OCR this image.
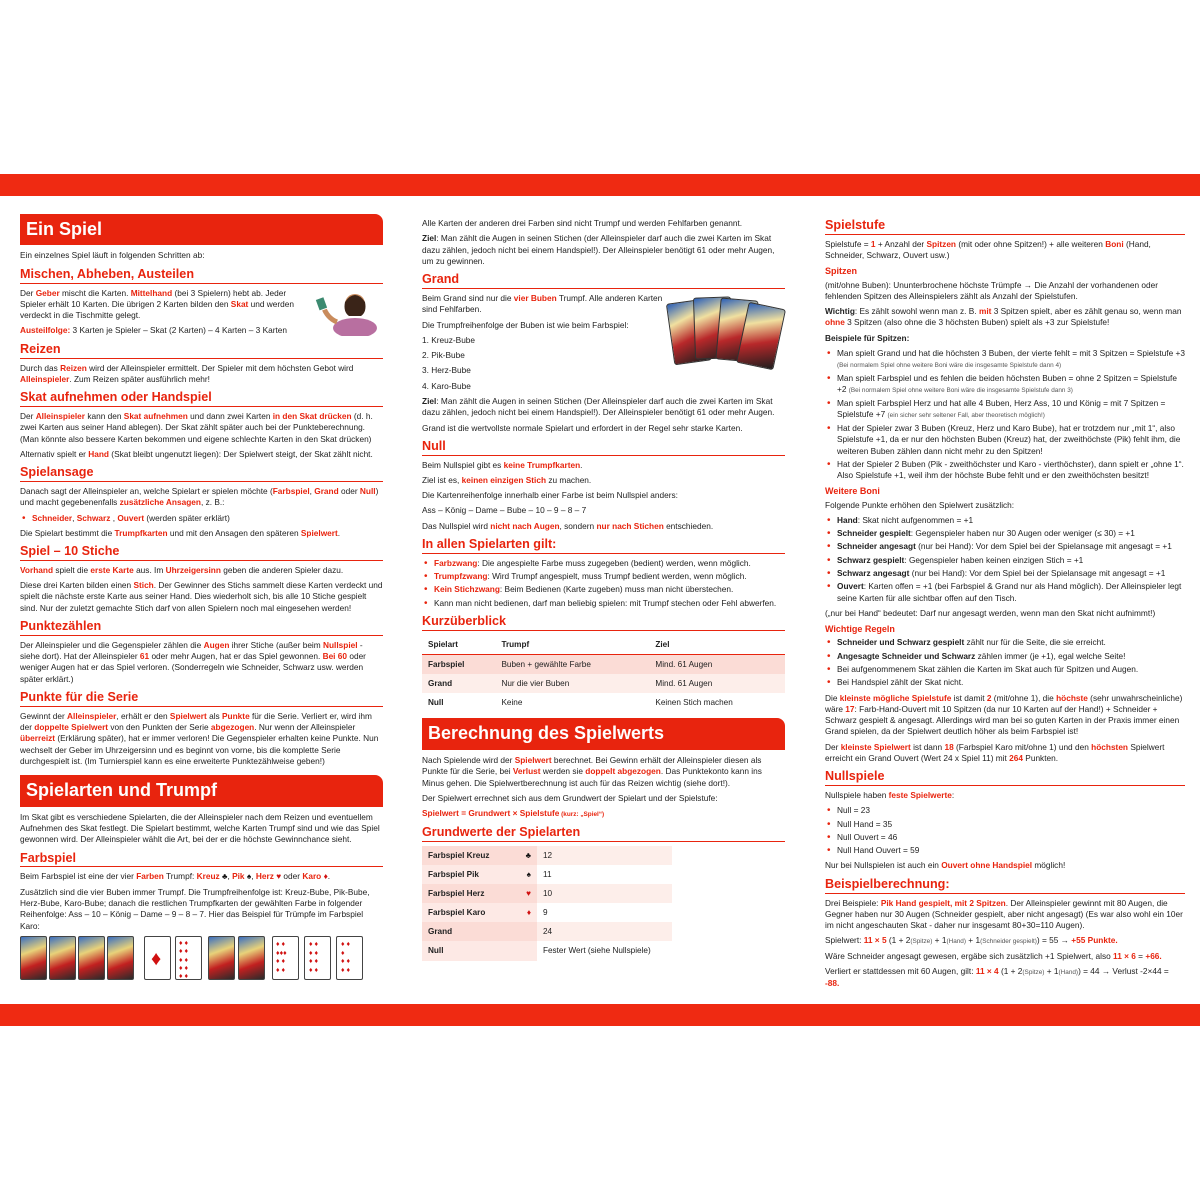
Ein Spiel

Ein einzelnes Spiel läuft in folgenden Schritten ab:

Mischen, Abheben, Austeilen

Der Geber mischt die Karten. Mittelhand (bei 3 Spielern) hebt ab. Jeder Spieler erhält 10 Karten. Die übrigen 2 Karten bilden den Skat und werden verdeckt in die Tischmitte gelegt.

Austeilfolge: 3 Karten je Spieler – Skat (2 Karten) – 4 Karten – 3 Karten

Reizen

Durch das Reizen wird der Alleinspieler ermittelt. Der Spieler mit dem höchsten Gebot wird Alleinspieler. Zum Reizen später ausführlich mehr!

Skat aufnehmen oder Handspiel

Der Alleinspieler kann den Skat aufnehmen und dann zwei Karten in den Skat drücken (d. h. zwei Karten aus seiner Hand ablegen). Der Skat zählt später auch bei der Punkteberechnung. (Man könnte also bessere Karten bekommen und eigene schlechte Karten in den Skat drücken)

Alternativ spielt er Hand (Skat bleibt ungenutzt liegen): Der Spielwert steigt, der Skat zählt nicht.

Spielansage

Danach sagt der Alleinspieler an, welche Spielart er spielen möchte (Farbspiel, Grand oder Null) und macht gegebenenfalls zusätzliche Ansagen, z. B.:

• Schneider, Schwarz , Ouvert (werden später erklärt)

Die Spielart bestimmt die Trumpfkarten und mit den Ansagen den späteren Spielwert.

Spiel – 10 Stiche

Vorhand spielt die erste Karte aus. Im Uhrzeigersinn geben die anderen Spieler dazu.

Diese drei Karten bilden einen Stich. Der Gewinner des Stichs sammelt diese Karten verdeckt und spielt die nächste erste Karte aus seiner Hand. Dies wiederholt sich, bis alle 10 Stiche gespielt sind. Nur der zuletzt gemachte Stich darf von allen Spielern noch mal eingesehen werden!

Punktezählen

Der Alleinspieler und die Gegenspieler zählen die Augen ihrer Stiche (außer beim Nullspiel - siehe dort). Hat der Alleinspieler 61 oder mehr Augen, hat er das Spiel gewonnen. Bei 60 oder weniger Augen hat er das Spiel verloren. (Sonderregeln wie Schneider, Schwarz usw. werden später erklärt.)

Punkte für die Serie

Gewinnt der Alleinspieler, erhält er den Spielwert als Punkte für die Serie. Verliert er, wird ihm der doppelte Spielwert von den Punkten der Serie abgezogen. Nur wenn der Alleinspieler überreizt (Erklärung später), hat er immer verloren! Die Gegenspieler erhalten keine Punkte. Nun wechselt der Geber im Uhrzeigersinn und es beginnt von vorne, bis die komplette Serie durchgespielt ist. (Im Turnierspiel kann es eine erweiterte Punktezählweise geben!)

Spielarten und Trumpf

Im Skat gibt es verschiedene Spielarten, die der Alleinspieler nach dem Reizen und eventuellem Aufnehmen des Skat festlegt. Die Spielart bestimmt, welche Karten Trumpf sind und wie das Spiel gewonnen wird. Der Alleinspieler wählt die Art, bei der er die höchste Gewinnchance sieht.

Farbspiel

Beim Farbspiel ist eine der vier Farben Trumpf: Kreuz ♣, Pik ♠, Herz ♥ oder Karo ♦.

Zusätzlich sind die vier Buben immer Trumpf. Die Trumpfreihenfolge ist: Kreuz-Bube, Pik-Bube, Herz-Bube, Karo-Bube; danach die restlichen Trumpfkarten der gewählten Farbe in folgender Reihenfolge: Ass – 10 – König – Dame – 9 – 8 – 7. Hier das Beispiel für Trümpfe im Farbspiel Karo:

♦
♦ ♦
♦ ♦
♦ ♦
♦ ♦
♦ ♦
♦ ♦
♦♦♦
♦ ♦
♦ ♦
♦ ♦
♦ ♦
♦ ♦
♦ ♦
♦ ♦
♦
♦ ♦
♦ ♦

Alle Karten der anderen drei Farben sind nicht Trumpf und werden Fehlfarben genannt.

Ziel: Man zählt die Augen in seinen Stichen (der Alleinspieler darf auch die zwei Karten im Skat dazu zählen, jedoch nicht bei einem Handspiel!). Der Alleinspieler benötigt 61 oder mehr Augen, um zu gewinnen.

Grand

Beim Grand sind nur die vier Buben Trumpf. Alle anderen Karten sind Fehlfarben.

Die Trumpfreihenfolge der Buben ist wie beim Farbspiel:

1. Kreuz-Bube
2. Pik-Bube
3. Herz-Bube
4. Karo-Bube

Ziel: Man zählt die Augen in seinen Stichen (Der Alleinspieler darf auch die zwei Karten im Skat dazu zählen, jedoch nicht bei einem Handspiel!). Der Alleinspieler benötigt 61 oder mehr Augen.

Grand ist die wertvollste normale Spielart und erfordert in der Regel sehr starke Karten.

Null

Beim Nullspiel gibt es keine Trumpfkarten.

Ziel ist es, keinen einzigen Stich zu machen.

Die Kartenreihenfolge innerhalb einer Farbe ist beim Nullspiel anders:

Ass – König – Dame – Bube – 10 – 9 – 8 – 7

Das Nullspiel wird nicht nach Augen, sondern nur nach Stichen entschieden.

In allen Spielarten gilt:
• Farbzwang: Die angespielte Farbe muss zugegeben (bedient) werden, wenn möglich.
• Trumpfzwang: Wird Trumpf angespielt, muss Trumpf bedient werden, wenn möglich.
• Kein Stichzwang: Beim Bedienen (Karte zugeben) muss man nicht überstechen.
• Kann man nicht bedienen, darf man beliebig spielen: mit Trumpf stechen oder Fehl abwerfen.
Kurzüberblick
Spielart	Trumpf	Ziel
Farbspiel	Buben + gewählte Farbe	Mind. 61 Augen
Grand	Nur die vier Buben	Mind. 61 Augen
Null	Keine	Keinen Stich machen
Berechnung des Spielwerts

Nach Spielende wird der Spielwert berechnet. Bei Gewinn erhält der Alleinspieler diesen als Punkte für die Serie, bei Verlust werden sie doppelt abgezogen. Das Punktekonto kann ins Minus gehen. Die Spielwertberechnung ist auch für das Reizen wichtig (siehe dort!).

Der Spielwert errechnet sich aus dem Grundwert der Spielart und der Spielstufe:

Spielwert = Grundwert × Spielstufe (kurz: „Spiel“)

Grundwerte der Spielarten
Farbspiel Kreuz ♣	12
Farbspiel Pik ♠	11
Farbspiel Herz ♥	10
Farbspiel Karo ♦	9
Grand	24
Null	Fester Wert (siehe Nullspiele)
Spielstufe

Spielstufe = 1 + Anzahl der Spitzen (mit oder ohne Spitzen!) + alle weiteren Boni (Hand, Schneider, Schwarz, Ouvert usw.)

Spitzen

(mit/ohne Buben): Ununterbrochene höchste Trümpfe → Die Anzahl der vorhandenen oder fehlenden Spitzen des Alleinspielers zählt als Anzahl der Spielstufen.

Wichtig: Es zählt sowohl wenn man z. B. mit 3 Spitzen spielt, aber es zählt genau so, wenn man ohne 3 Spitzen (also ohne die 3 höchsten Buben) spielt als +3 zur Spielstufe!

Beispiele für Spitzen:

• Man spielt Grand und hat die höchsten 3 Buben, der vierte fehlt = mit 3 Spitzen = Spielstufe +3 (Bei normalem Spiel ohne weitere Boni wäre die insgesamte Spielstufe dann 4)
• Man spielt Farbspiel und es fehlen die beiden höchsten Buben = ohne 2 Spitzen = Spielstufe +2 (Bei normalem Spiel ohne weitere Boni wäre die insgesamte Spielstufe dann 3)
• Man spielt Farbspiel Herz und hat alle 4 Buben, Herz Ass, 10 und König = mit 7 Spitzen = Spielstufe +7 (ein sicher sehr seltener Fall, aber theoretisch möglich!)
• Hat der Spieler zwar 3 Buben (Kreuz, Herz und Karo Bube), hat er trotzdem nur „mit 1“, also Spielstufe +1, da er nur den höchsten Buben (Kreuz) hat, der zweithöchste (Pik) fehlt ihm, die weiteren Buben zählen dann nicht mehr zu den Spitzen!
• Hat der Spieler 2 Buben (Pik - zweithöchster und Karo - vierthöchster), dann spielt er „ohne 1“. Also Spielstufe +1, weil ihm der höchste Bube fehlt und er den zweithöchsten besitzt!
Weitere Boni

Folgende Punkte erhöhen den Spielwert zusätzlich:

• Hand: Skat nicht aufgenommen = +1
• Schneider gespielt: Gegenspieler haben nur 30 Augen oder weniger (≤ 30) = +1
• Schneider angesagt (nur bei Hand): Vor dem Spiel bei der Spielansage mit angesagt = +1
• Schwarz gespielt: Gegenspieler haben keinen einzigen Stich = +1
• Schwarz angesagt (nur bei Hand): Vor dem Spiel bei der Spielansage mit angesagt = +1
• Ouvert: Karten offen = +1 (bei Farbspiel & Grand nur als Hand möglich). Der Alleinspieler legt seine Karten für alle sichtbar offen auf den Tisch.

(„nur bei Hand“ bedeutet: Darf nur angesagt werden, wenn man den Skat nicht aufnimmt!)

Wichtige Regeln
• Schneider und Schwarz gespielt zählt nur für die Seite, die sie erreicht.
• Angesagte Schneider und Schwarz zählen immer (je +1), egal welche Seite!
• Bei aufgenommenem Skat zählen die Karten im Skat auch für Spitzen und Augen.
• Bei Handspiel zählt der Skat nicht.

Die kleinste mögliche Spielstufe ist damit 2 (mit/ohne 1), die höchste (sehr unwahrscheinliche) wäre 17: Farb-Hand-Ouvert mit 10 Spitzen (da nur 10 Karten auf der Hand!) + Schneider + Schwarz gespielt & angesagt. Allerdings wird man bei so guten Karten in der Praxis immer einen Grand spielen, da der Spielwert deutlich höher als beim Farbspiel ist!

Der kleinste Spielwert ist dann 18 (Farbspiel Karo mit/ohne 1) und den höchsten Spielwert erreicht ein Grand Ouvert (Wert 24 x Spiel 11) mit 264 Punkten.

Nullspiele

Nullspiele haben feste Spielwerte:

• Null = 23
• Null Hand = 35
• Null Ouvert = 46
• Null Hand Ouvert = 59

Nur bei Nullspielen ist auch ein Ouvert ohne Handspiel möglich!

Beispielberechnung:

Drei Beispiele: Pik Hand gespielt, mit 2 Spitzen. Der Alleinspieler gewinnt mit 80 Augen, die Gegner haben nur 30 Augen (Schneider gespielt, aber nicht angesagt) (Es war also wohl ein 10er im nicht angeschauten Skat - daher nur insgesamt 80+30=110 Augen).

Spielwert: 11 × 5 (1 + 2(Spitze) + 1(Hand) + 1(Schneider gespielt)) = 55 → +55 Punkte.

Wäre Schneider angesagt gewesen, ergäbe sich zusätzlich +1 Spielwert, also 11 × 6 = +66.

Verliert er stattdessen mit 60 Augen, gilt: 11 × 4 (1 + 2(Spitze) + 1(Hand)) = 44 → Verlust -2×44 = -88.
